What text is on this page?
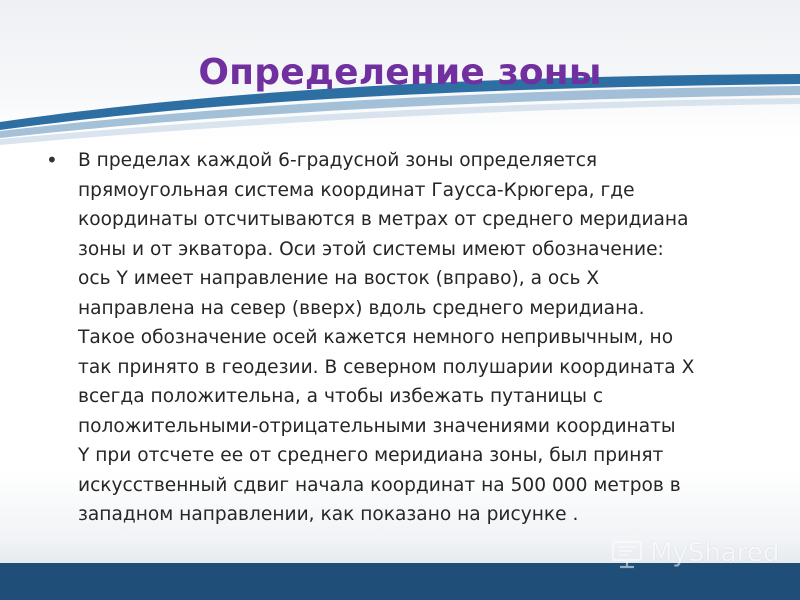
Определение зоны
• В пределах каждой 6-градусной зоны определяется
прямоугольная система координат Гаусса-Крюгера, где
координаты отсчитываются в метрах от среднего меридиана
зоны и от экватора. Оси этой системы имеют обозначение:
ось Y имеет направление на восток (вправо), а ось X
направлена на север (вверх) вдоль среднего меридиана.
Такое обозначение осей кажется немного непривычным, но
так принято в геодезии. В северном полушарии координата X
всегда положительна, а чтобы избежать путаницы с
положительными-отрицательными значениями координаты
Y при отсчете ее от среднего меридиана зоны, был принят
искусственный сдвиг начала координат на 500 000 метров в
западном направлении, как показано на рисунке .

MyShared
